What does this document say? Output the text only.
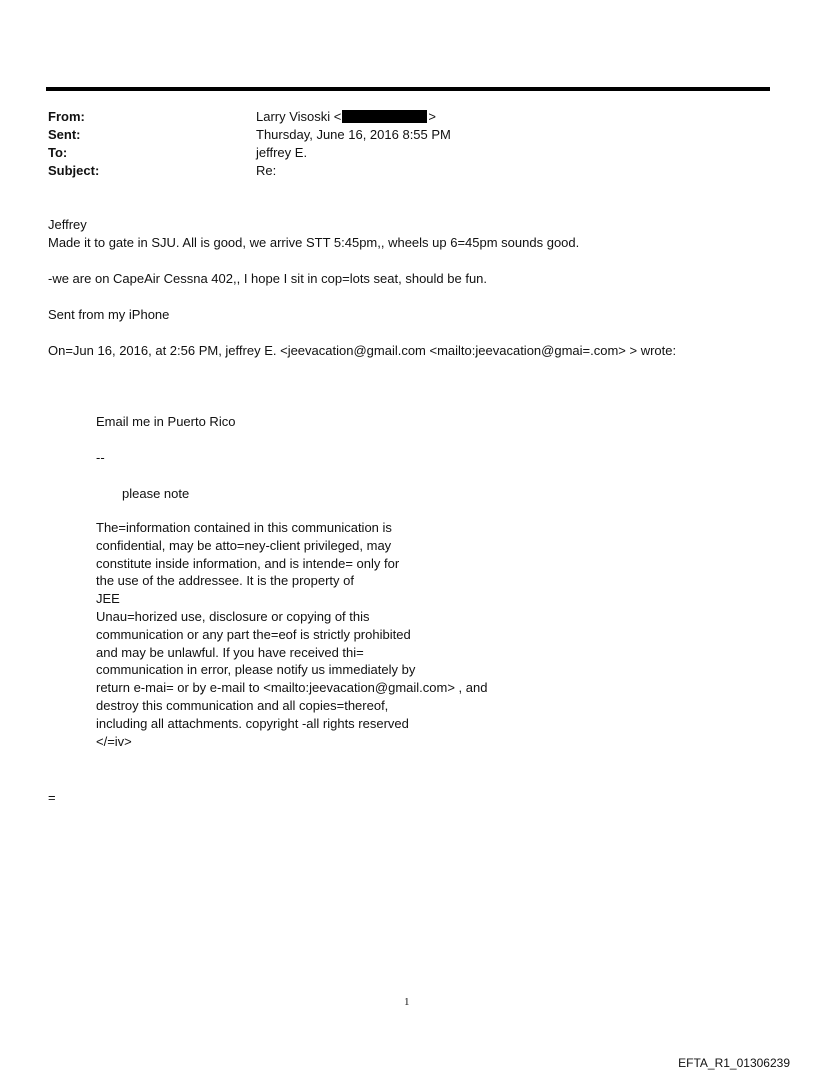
From:	Larry Visoski <	>
Sent:	Thursday, June 16, 2016 8:55 PM
To:	jeffrey E.
Subject:	Re:
Jeffrey
Made it to gate in SJU. All is good, we arrive STT 5:45pm,, wheels up 6=45pm sounds good.
-we are on CapeAir Cessna 402,, I hope I sit in cop=lots seat, should be fun.
Sent from my iPhone
On=Jun 16, 2016, at 2:56 PM, jeffrey E. <jeevacation@gmail.com <mailto:jeevacation@gmai=.com> > wrote:
Email me in Puerto Rico
--
please note
The=information contained in this communication is
confidential, may be atto=ney-client privileged, may
constitute inside information, and is intende= only for
the use of the addressee. It is the property of
JEE
Unau=horized use, disclosure or copying of this
communication or any part the=eof is strictly prohibited
and may be unlawful. If you have received thi=
communication in error, please notify us immediately by
return e-mai= or by e-mail to <mailto:jeevacation@gmail.com> , and
destroy this communication and all copies=thereof,
including all attachments. copyright -all rights reserved
</=iv>
=
1
EFTA_R1_01306239
